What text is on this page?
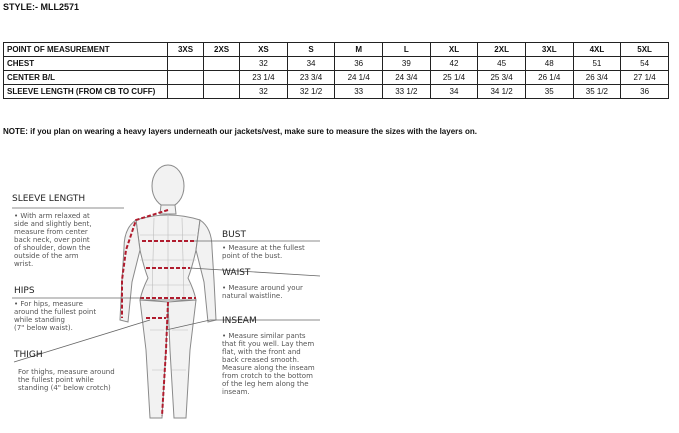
STYLE:- MLL2571
POINT OF MEASUREMENT	3XS	2XS	XS	S	M	L	XL	2XL	3XL	4XL	5XL
CHEST			32	34	36	39	42	45	48	51	54
CENTER B/L			23 1/4	23 3/4	24 1/4	24 3/4	25 1/4	25 3/4	26 1/4	26 3/4	27 1/4
SLEEVE LENGTH (FROM CB TO CUFF)			32	32 1/2	33	33 1/2	34	34 1/2	35	35 1/2	36
NOTE: if you plan on wearing a heavy layers underneath our jackets/vest, make sure to measure the sizes with the layers on.
SLEEVE LENGTH
• With arm relaxed at
side and slightly bent,
measure from center
back neck, over point
of shoulder, down the
outside of the arm
wrist.
HIPS
• For hips, measure
around the fullest point
while standing
(7" below waist).
THIGH
For thighs, measure around
the fullest point while
standing (4" below crotch)
BUST
• Measure at the fullest
point of the bust.
WAIST
• Measure around your
natural waistline.
INSEAM
• Measure similar pants
that fit you well. Lay them
flat, with the front and
back creased smooth.
Measure along the inseam
from crotch to the bottom
of the leg hem along the
inseam.
